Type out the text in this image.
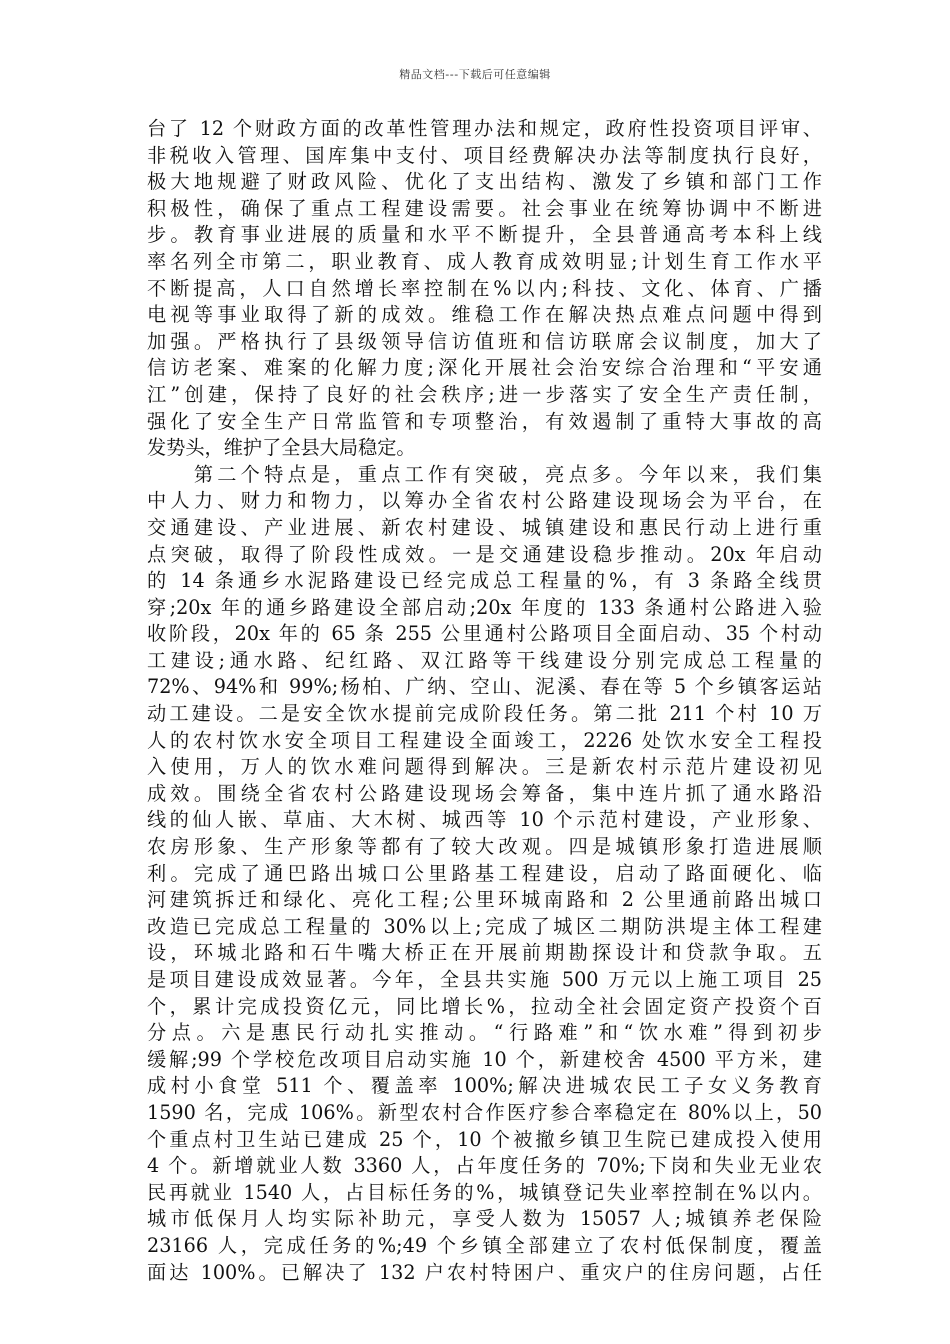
精品文档---下载后可任意编辑
台了 12 个财政方面的改革性管理办法和规定，政府性投资项目评审、
非税收入管理、国库集中支付、项目经费解决办法等制度执行良好，
极大地规避了财政风险、优化了支出结构、激发了乡镇和部门工作
积极性，确保了重点工程建设需要。社会事业在统筹协调中不断进
步。教育事业进展的质量和水平不断提升，全县普通高考本科上线
率名列全市第二，职业教育、成人教育成效明显;计划生育工作水平
不断提高，人口自然增长率控制在%以内;科技、文化、体育、广播
电视等事业取得了新的成效。维稳工作在解决热点难点问题中得到
加强。严格执行了县级领导信访值班和信访联席会议制度，加大了
信访老案、难案的化解力度;深化开展社会治安综合治理和“平安通
江”创建，保持了良好的社会秩序;进一步落实了安全生产责任制，
强化了安全生产日常监管和专项整治，有效遏制了重特大事故的高
发势头，维护了全县大局稳定。
　　第二个特点是，重点工作有突破，亮点多。今年以来，我们集
中人力、财力和物力，以筹办全省农村公路建设现场会为平台，在
交通建设、产业进展、新农村建设、城镇建设和惠民行动上进行重
点突破，取得了阶段性成效。一是交通建设稳步推动。20x 年启动
的 14 条通乡水泥路建设已经完成总工程量的%，有 3 条路全线贯
穿;20x 年的通乡路建设全部启动;20x 年度的 133 条通村公路进入验
收阶段，20x 年的 65 条 255 公里通村公路项目全面启动、35 个村动
工建设;通水路、纪红路、双江路等干线建设分别完成总工程量的
72%、94%和 99%;杨柏、广纳、空山、泥溪、春在等 5 个乡镇客运站
动工建设。二是安全饮水提前完成阶段任务。第二批 211 个村 10 万
人的农村饮水安全项目工程建设全面竣工，2226 处饮水安全工程投
入使用，万人的饮水难问题得到解决。三是新农村示范片建设初见
成效。围绕全省农村公路建设现场会筹备，集中连片抓了通水路沿
线的仙人嵌、草庙、大木树、城西等 10 个示范村建设，产业形象、
农房形象、生产形象等都有了较大改观。四是城镇形象打造进展顺
利。完成了通巴路出城口公里路基工程建设，启动了路面硬化、临
河建筑拆迁和绿化、亮化工程;公里环城南路和 2 公里通前路出城口
改造已完成总工程量的 30%以上;完成了城区二期防洪堤主体工程建
设，环城北路和石牛嘴大桥正在开展前期勘探设计和贷款争取。五
是项目建设成效显著。今年，全县共实施 500 万元以上施工项目 25
个，累计完成投资亿元，同比增长%，拉动全社会固定资产投资个百
分点。六是惠民行动扎实推动。“行路难”和“饮水难”得到初步
缓解;99 个学校危改项目启动实施 10 个，新建校舍 4500 平方米，建
成村小食堂 511 个、覆盖率 100%;解决进城农民工子女义务教育
1590 名，完成 106%。新型农村合作医疗参合率稳定在 80%以上，50
个重点村卫生站已建成 25 个，10 个被撤乡镇卫生院已建成投入使用
4 个。新增就业人数 3360 人，占年度任务的 70%;下岗和失业无业农
民再就业 1540 人，占目标任务的%，城镇登记失业率控制在%以内。
城市低保月人均实际补助元，享受人数为 15057 人;城镇养老保险
23166 人，完成任务的%;49 个乡镇全部建立了农村低保制度，覆盖
面达 100%。已解决了 132 户农村特困户、重灾户的住房问题，占任
